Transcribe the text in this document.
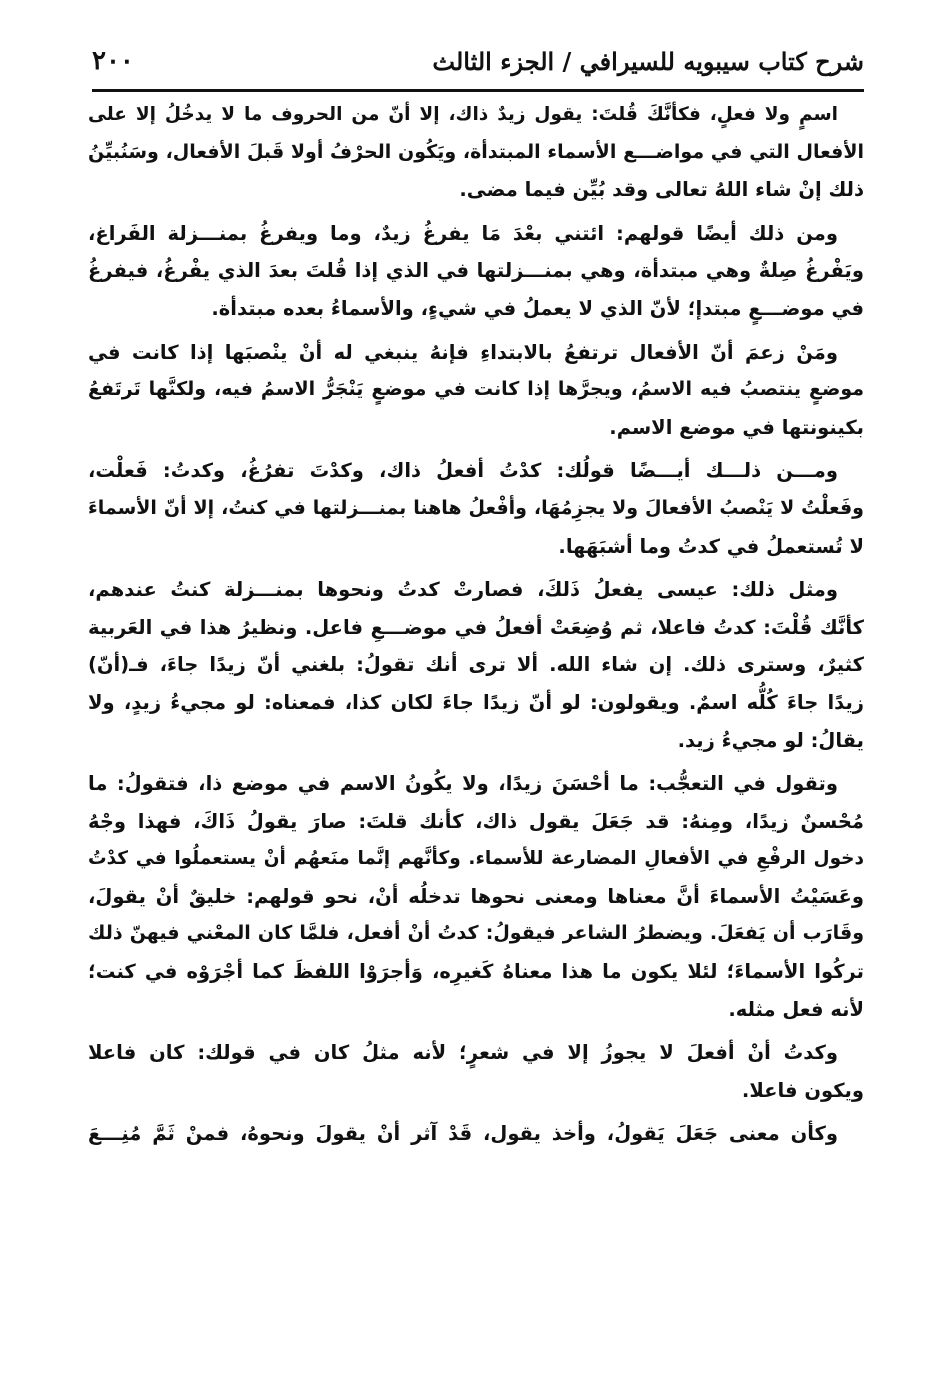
٢٠٠	شرح كتاب سيبويه للسيرافي / الجزء الثالث
اسمٍ ولا فعلٍ، فكأنَّكَ قُلتَ: يقول زيدٌ ذاك، إلا أنّ من الحروف ما لا يدخُلُ إلا على
الأفعال التي في مواضـــع الأسماء المبتدأة، ويَكُون الحرْفُ أولا قَبلَ الأفعال، وسَنُبيِّنُ
ذلك إنْ شاء اللهُ تعالى وقد بُيِّن فيما مضى.
ومن ذلك أيضًا قولهم: ائتني بعْدَ مَا يفرغُ زيدٌ، وما ويفرغُ بمنـــزلة الفَراغ،
ويَفْرغُ صِلةٌ وهي مبتدأة، وهي بمنـــزلتها في الذي إذا قُلتَ بعدَ الذي يفْرغُ، فيفرغُ
في موضـــعٍ مبتدإ؛ لأنّ الذي لا يعملُ في شيءٍ، والأسماءُ بعده مبتدأة.
ومَنْ زعمَ أنّ الأفعال ترتفعُ بالابتداءِ فإنهُ ينبغي له أنْ ينْصبَها إذا كانت في
موضعٍ ينتصبُ فيه الاسمُ، ويجرَّها إذا كانت في موضعٍ يَنْجَرُّ الاسمُ فيه، ولكنَّها تَرتَفعُ
بكينونتها في موضع الاسم.
ومـــن ذلـــك أيـــضًا قولُك: كدْتُ أفعلُ ذاك، وكدْتَ تفرُغُ، وكدتُ: فَعلْت،
وفَعلْتُ لا يَنْصبُ الأفعالَ ولا يجزِمُهَا، وأفْعلُ هاهنا بمنـــزلتها في كنتُ، إلا أنّ الأسماءَ
لا تُستعملُ في كدتُ وما أشبَهَها.
ومثل ذلك: عيسى يفعلُ ذَلكَ، فصارتْ كدتُ ونحوها بمنـــزلة كنتُ عندهم،
كأنَّك قُلْتَ: كدتُ فاعلا، ثم وُضِعَتْ أفعلُ في موضـــعِ فاعل. ونظيرُ هذا في العَربية
كثيرٌ، وسترى ذلك. إن شاء الله. ألا ترى أنك تقولُ: بلغني أنّ زيدًا جاءَ، فـ(أنّ)
زيدًا جاءَ كُلُّه اسمٌ. ويقولون: لو أنّ زيدًا جاءَ لكان كذا، فمعناه: لو مجيءُ زيدٍ، ولا
يقالُ: لو مجيءُ زيد.
وتقول في التعجُّب: ما أحْسَنَ زيدًا، ولا يكُونُ الاسم في موضع ذا، فتقولُ: ما
مُحْسنٌ زيدًا، ومِنهُ: قد جَعَلَ يقول ذاك، كأنك قلتَ: صارَ يقولُ ذَاكَ، فهذا وجْهُ
دخول الرفْعِ في الأفعالِ المضارعة للأسماء. وكأنَّهم إنَّما منَعهُم أنْ يستعملُوا في كدْتُ
وعَسَيْتُ الأسماءَ أنَّ معناها ومعنى نحوها تدخلُه أنْ، نحو قولهم: خليقٌ أنْ يقولَ،
وقَارَب أن يَفعَلَ. ويضطرُ الشاعر فيقولُ: كدتُ أنْ أفعل، فلمَّا كان المعْني فيهنّ ذلك
تركُوا الأسماءَ؛ لئلا يكون ما هذا معناهُ كَغيرِه، وَأجرَوْا اللفظَ كما أجْرَوْه في كنت؛
لأنه فعل مثله.
وكدتُ أنْ أفعلَ لا يجوزُ إلا في شعرٍ؛ لأنه مثلُ كان في قولك: كان فاعلا
ويكون فاعلا.
وكأن معنى جَعَلَ يَقولُ، وأخذ يقول، قَدْ آثر أنْ يقولَ ونحوهُ، فمنْ ثَمَّ مُنِـــعَ
